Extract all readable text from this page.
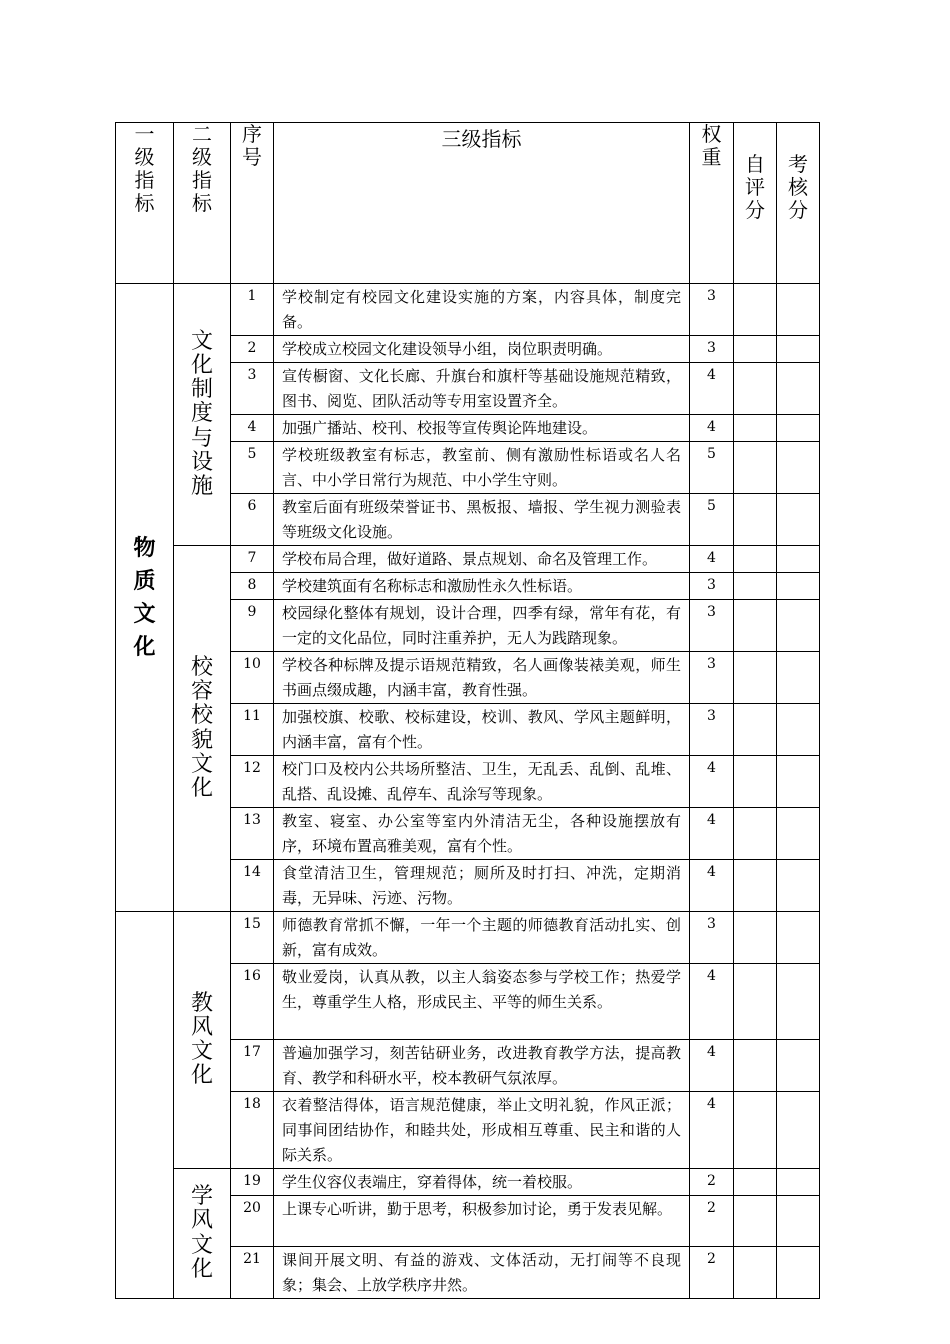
一级指标	二级指标	序号	三级指标	权重	自评分	考核分
物质文化	文化制度与设施	1	学校制定有校园文化建设实施的方案，内容具体，制度完备。	3		
		2	学校成立校园文化建设领导小组，岗位职责明确。	3		
		3	宣传橱窗、文化长廊、升旗台和旗杆等基础设施规范精致，图书、阅览、团队活动等专用室设置齐全。	4		
		4	加强广播站、校刊、校报等宣传舆论阵地建设。	4		
		5	学校班级教室有标志，教室前、侧有激励性标语或名人名言、中小学日常行为规范、中小学生守则。	5		
		6	教室后面有班级荣誉证书、黑板报、墙报、学生视力测验表等班级文化设施。	5		
	校容校貌文化	7	学校布局合理，做好道路、景点规划、命名及管理工作。	4		
		8	学校建筑面有名称标志和激励性永久性标语。	3		
		9	校园绿化整体有规划，设计合理，四季有绿，常年有花，有一定的文化品位，同时注重养护，无人为践踏现象。	3		
		10	学校各种标牌及提示语规范精致，名人画像装裱美观，师生书画点缀成趣，内涵丰富，教育性强。	3		
		11	加强校旗、校歌、校标建设，校训、教风、学风主题鲜明，内涵丰富，富有个性。	3		
		12	校门口及校内公共场所整洁、卫生，无乱丢、乱倒、乱堆、乱搭、乱设摊、乱停车、乱涂写等现象。	4		
		13	教室、寝室、办公室等室内外清洁无尘，各种设施摆放有序，环境布置高雅美观，富有个性。	4		
		14	食堂清洁卫生，管理规范；厕所及时打扫、冲洗，定期消毒，无异味、污迹、污物。	4		
	教风文化	15	师德教育常抓不懈，一年一个主题的师德教育活动扎实、创新，富有成效。	3		
		16	敬业爱岗，认真从教，以主人翁姿态参与学校工作；热爱学生，尊重学生人格，形成民主、平等的师生关系。	4		
		17	普遍加强学习，刻苦钻研业务，改进教育教学方法，提高教育、教学和科研水平，校本教研气氛浓厚。	4		
		18	衣着整洁得体，语言规范健康，举止文明礼貌，作风正派；同事间团结协作，和睦共处，形成相互尊重、民主和谐的人际关系。	4		
	学风文化	19	学生仪容仪表端庄，穿着得体，统一着校服。	2		
		20	上课专心听讲，勤于思考，积极参加讨论，勇于发表见解。	2		
		21	课间开展文明、有益的游戏、文体活动，无打闹等不良现象；集会、上放学秩序井然。	2		
